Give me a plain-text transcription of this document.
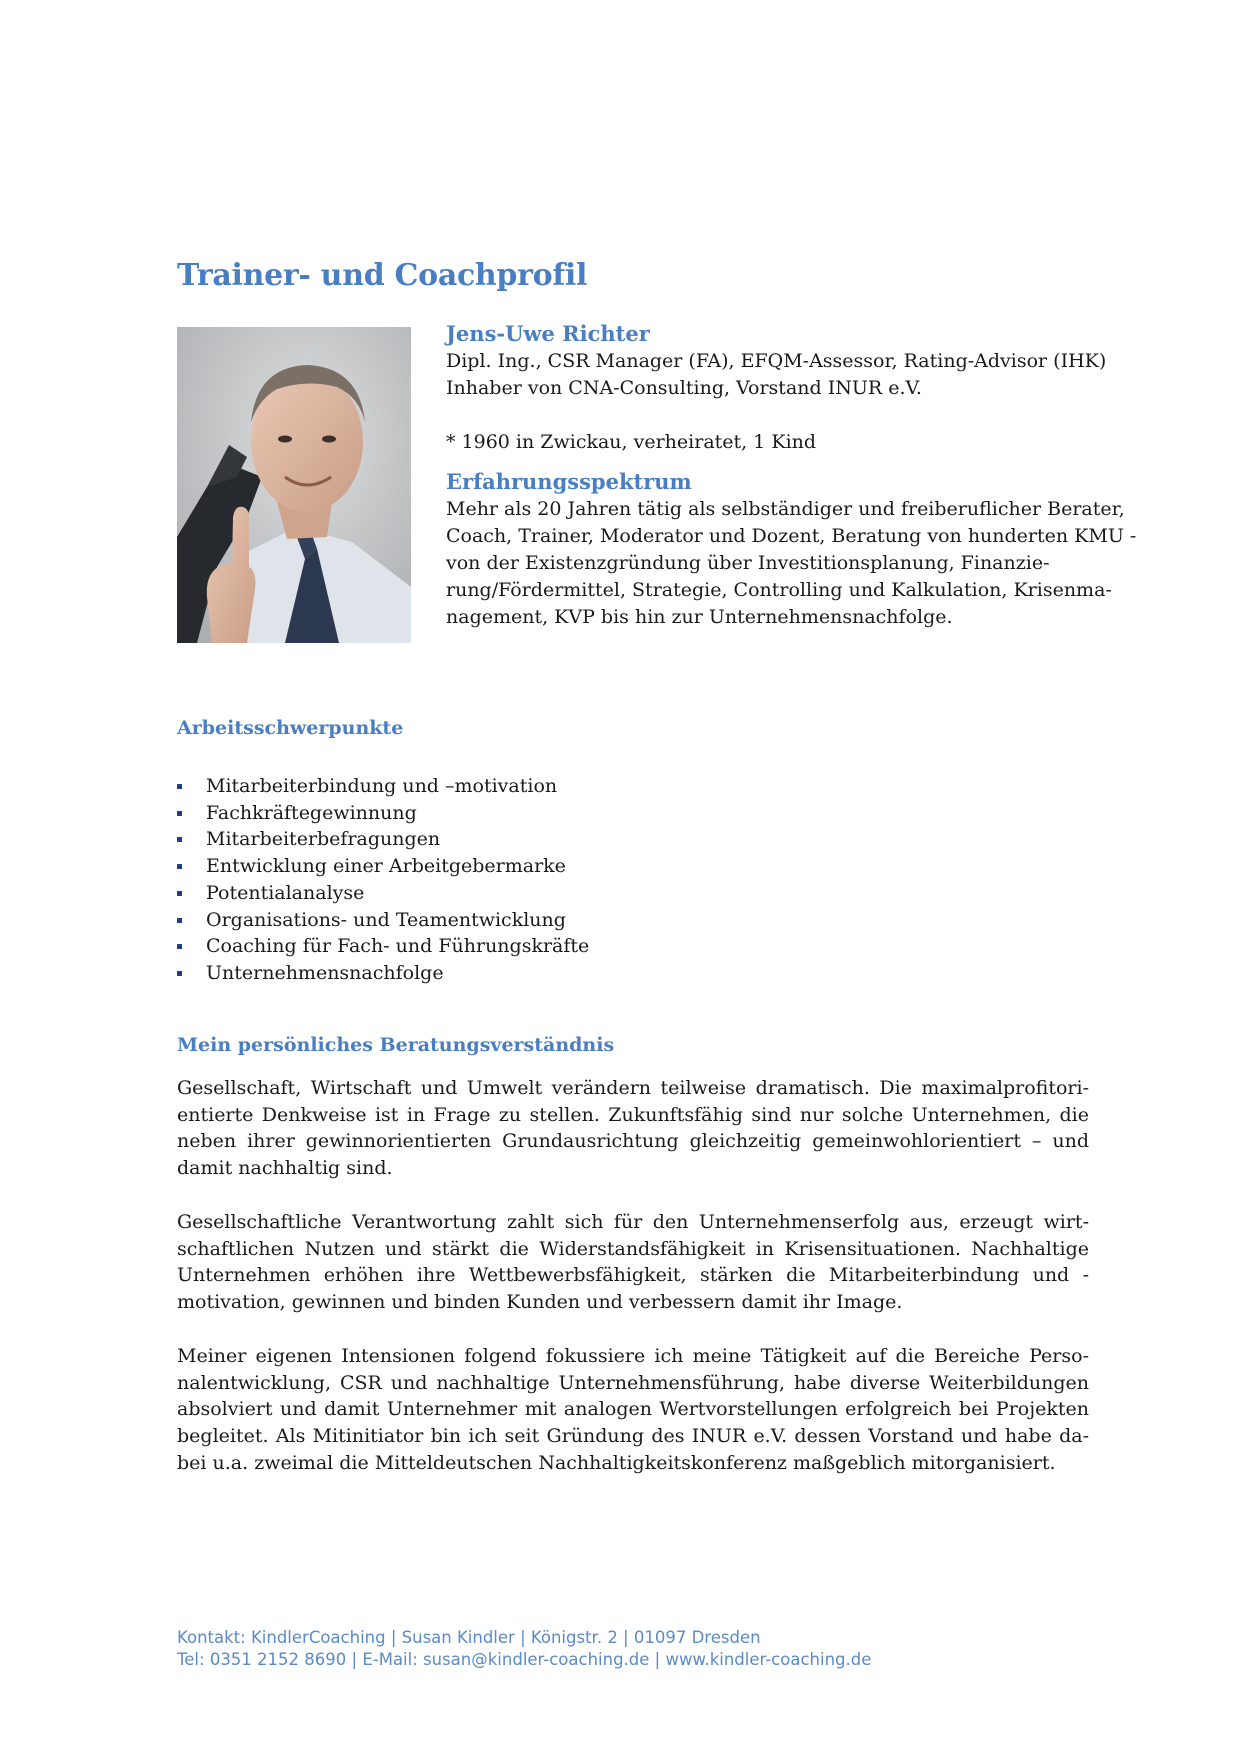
Trainer- und Coachprofil
Jens-Uwe Richter
Dipl. Ing., CSR Manager (FA), EFQM-Assessor, Rating-Advisor (IHK)
Inhaber von CNA-Consulting, Vorstand INUR e.V.
* 1960 in Zwickau, verheiratet, 1 Kind
Erfahrungsspektrum
Mehr als 20 Jahren tätig als selbständiger und freiberuflicher Berater,
Coach, Trainer, Moderator und Dozent, Beratung von hunderten KMU -
von der Existenzgründung über Investitionsplanung, Finanzie-
rung/Fördermittel, Strategie, Controlling und Kalkulation, Krisenma-
nagement, KVP bis hin zur Unternehmensnachfolge.
Arbeitsschwerpunkte
Mitarbeiterbindung und –motivation
Fachkräftegewinnung
Mitarbeiterbefragungen
Entwicklung einer Arbeitgebermarke
Potentialanalyse
Organisations- und Teamentwicklung
Coaching für Fach- und Führungskräfte
Unternehmensnachfolge
Mein persönliches Beratungsverständnis

Gesellschaft, Wirtschaft und Umwelt verändern teilweise dramatisch. Die maximalprofitorientierte Denkweise ist in Frage zu stellen. Zukunftsfähig sind nur solche Unternehmen, die neben ihrer gewinnorientierten Grundausrichtung gleichzeitig gemeinwohlorientiert – und damit nachhaltig sind.

Gesellschaftliche Verantwortung zahlt sich für den Unternehmenserfolg aus, erzeugt wirtschaftlichen Nutzen und stärkt die Widerstandsfähigkeit in Krisensituationen. Nachhaltige Unternehmen erhöhen ihre Wettbewerbsfähigkeit, stärken die Mitarbeiterbindung und -motivation, gewinnen und binden Kunden und verbessern damit ihr Image.

Meiner eigenen Intensionen folgend fokussiere ich meine Tätigkeit auf die Bereiche Personalentwicklung, CSR und nachhaltige Unternehmensführung, habe diverse Weiterbildungen absolviert und damit Unternehmer mit analogen Wertvorstellungen erfolgreich bei Projekten begleitet. Als Mitinitiator bin ich seit Gründung des INUR e.V. dessen Vorstand und habe dabei u.a. zweimal die Mitteldeutschen Nachhaltigkeitskonferenz maßgeblich mitorganisiert.

Kontakt: KindlerCoaching | Susan Kindler | Königstr. 2 | 01097 Dresden
Tel: 0351 2152 8690 | E-Mail: susan@kindler-coaching.de | www.kindler-coaching.de
